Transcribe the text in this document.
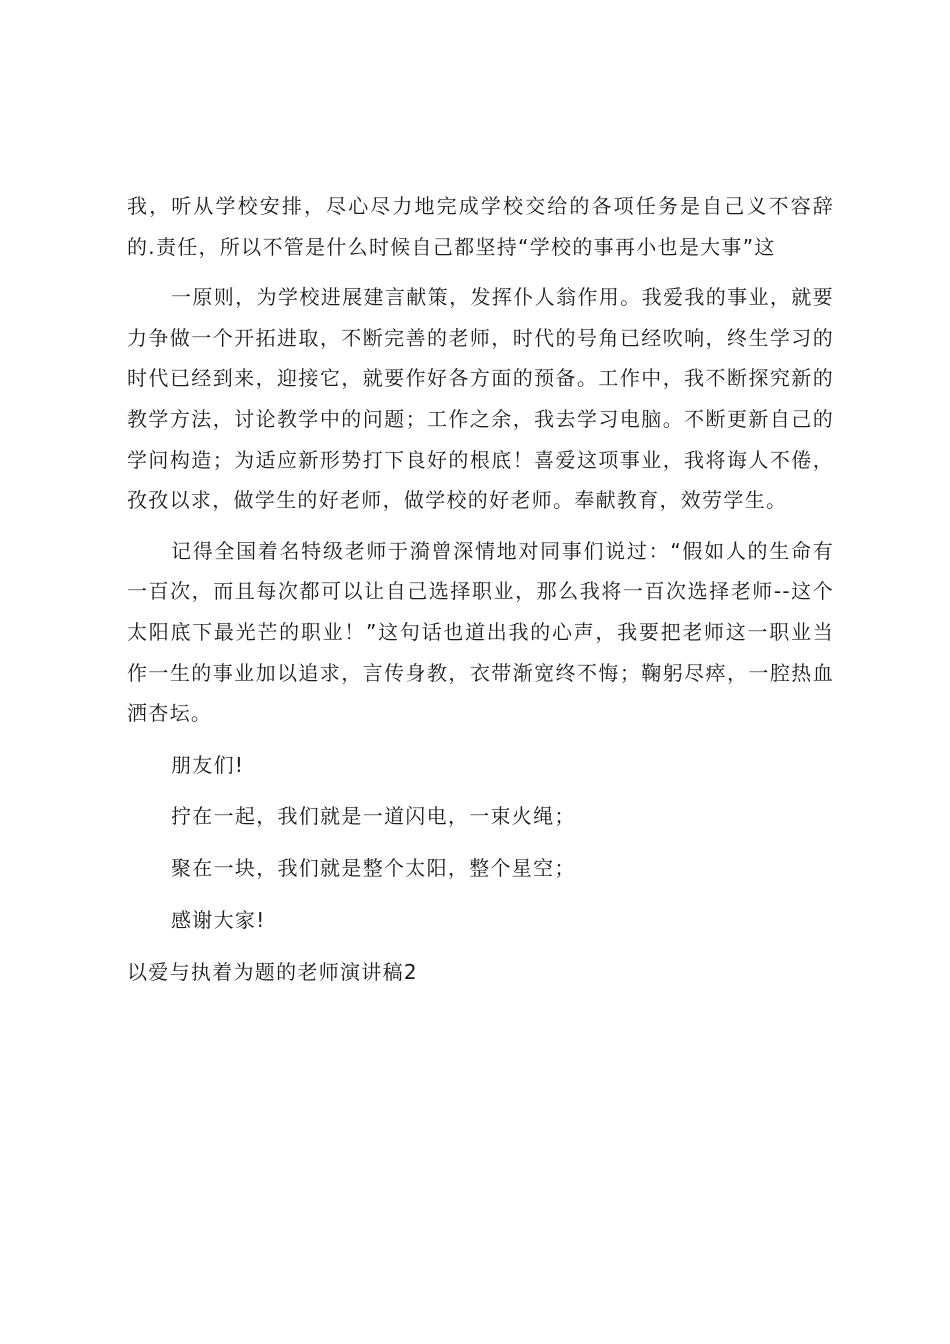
我，听从学校安排，尽心尽力地完成学校交给的各项任务是自己义不容辞的.责任，所以不管是什么时候自己都坚持“学校的事再小也是大事”这

一原则，为学校进展建言献策，发挥仆人翁作用。我爱我的事业，就要力争做一个开拓进取，不断完善的老师，时代的号角已经吹响，终生学习的时代已经到来，迎接它，就要作好各方面的预备。工作中，我不断探究新的教学方法，讨论教学中的问题；工作之余，我去学习电脑。不断更新自己的学问构造；为适应新形势打下良好的根底！喜爱这项事业，我将诲人不倦，孜孜以求，做学生的好老师，做学校的好老师。奉献教育，效劳学生。

记得全国着名特级老师于漪曾深情地对同事们说过：“假如人的生命有一百次，而且每次都可以让自己选择职业，那么我将一百次选择老师--这个太阳底下最光芒的职业！”这句话也道出我的心声，我要把老师这一职业当作一生的事业加以追求，言传身教，衣带渐宽终不悔；鞠躬尽瘁，一腔热血洒杏坛。

朋友们!

拧在一起，我们就是一道闪电，一束火绳；

聚在一块，我们就是整个太阳，整个星空；

感谢大家!

以爱与执着为题的老师演讲稿2
